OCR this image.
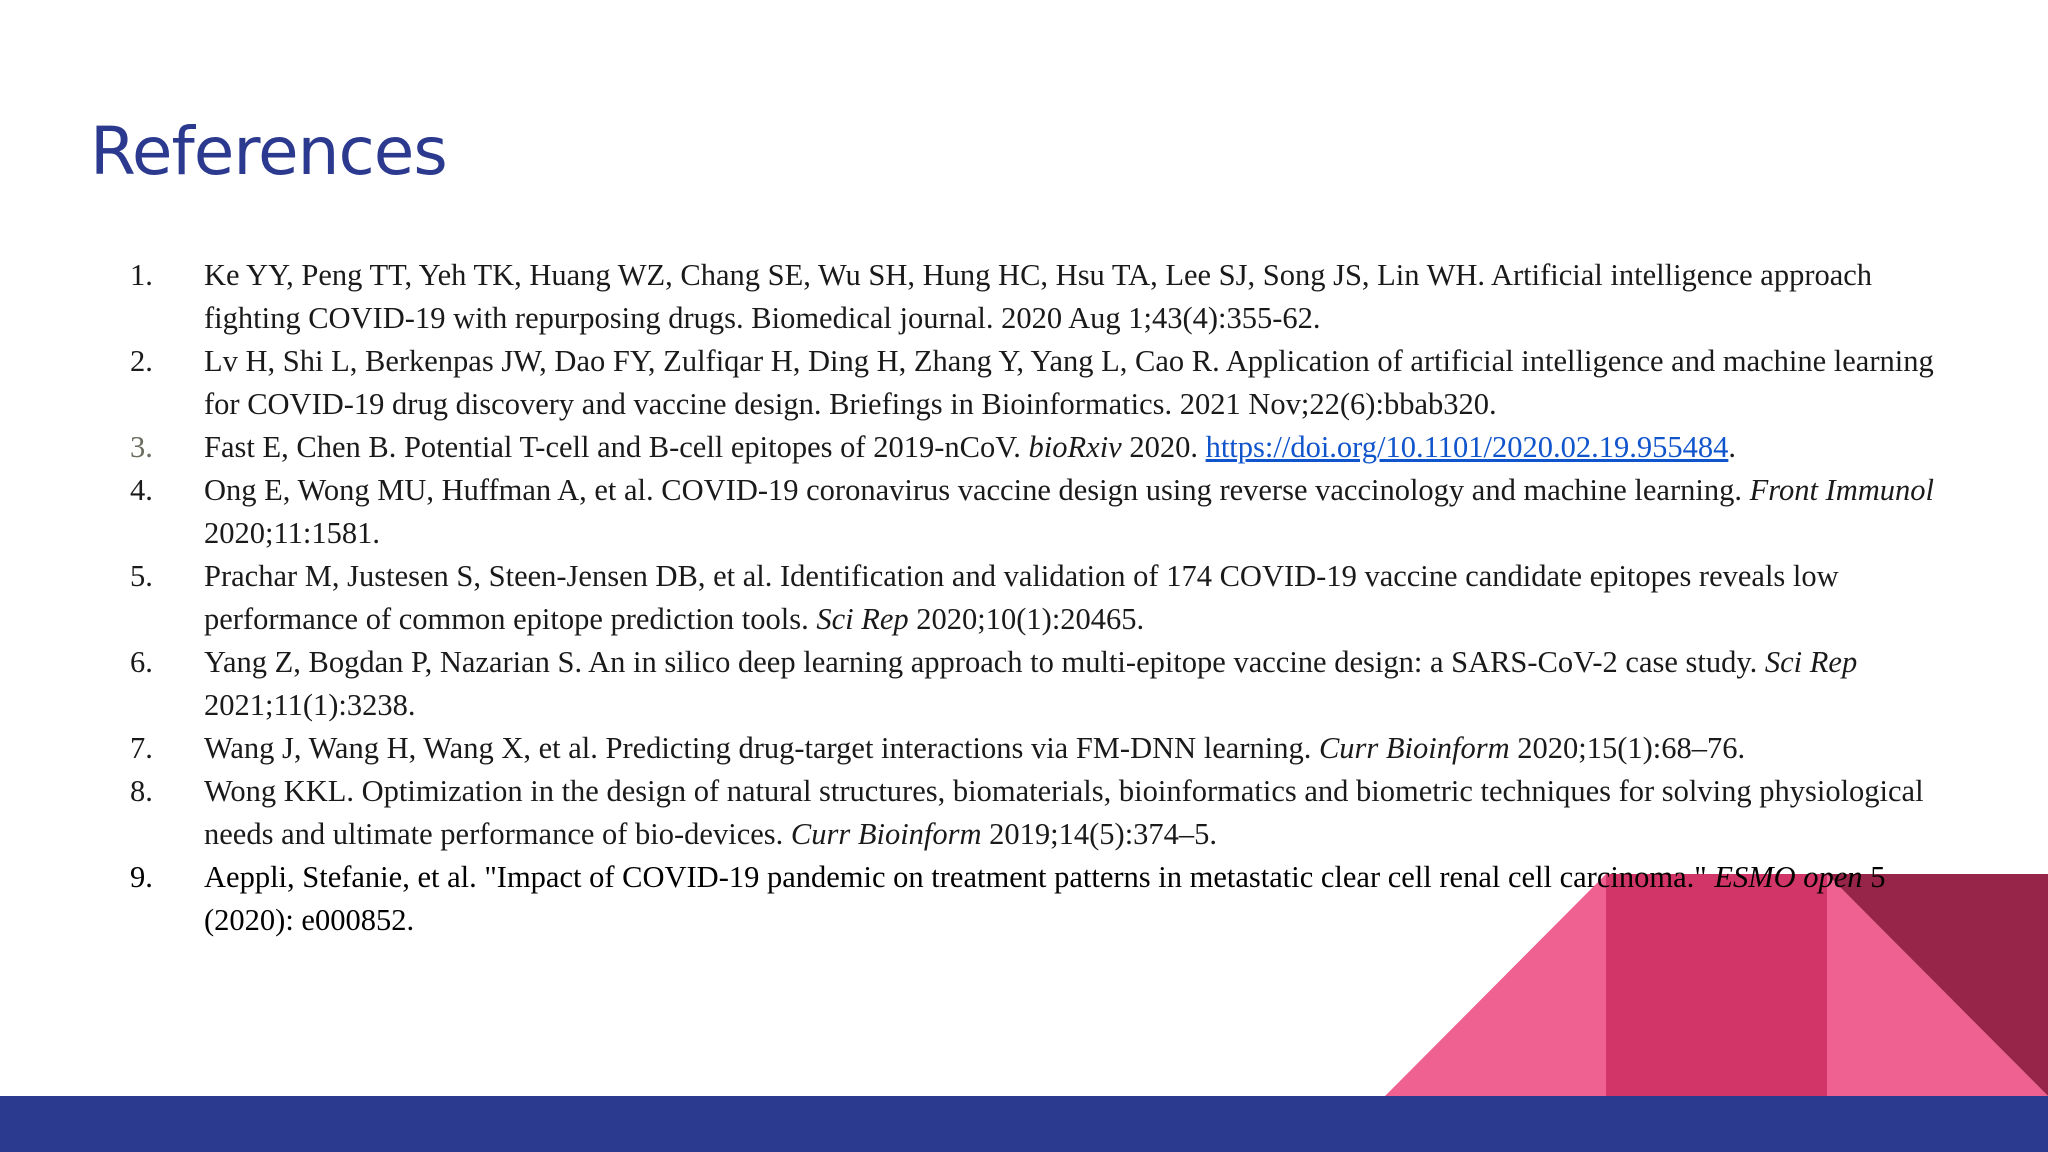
References
1.	Ke YY, Peng TT, Yeh TK, Huang WZ, Chang SE, Wu SH, Hung HC, Hsu TA, Lee SJ, Song JS, Lin WH. Artificial intelligence approach fighting COVID-19 with repurposing drugs. Biomedical journal. 2020 Aug 1;43(4):355-62.
2.	Lv H, Shi L, Berkenpas JW, Dao FY, Zulfiqar H, Ding H, Zhang Y, Yang L, Cao R. Application of artificial intelligence and machine learning for COVID-19 drug discovery and vaccine design. Briefings in Bioinformatics. 2021 Nov;22(6):bbab320.
3.	Fast E, Chen B. Potential T-cell and B-cell epitopes of 2019-nCoV. bioRxiv 2020. https://doi.org/10.1101/2020.02.19.955484.
4.	Ong E, Wong MU, Huffman A, et al. COVID-19 coronavirus vaccine design using reverse vaccinology and machine learning. Front Immunol 2020;11:1581.
5.	Prachar M, Justesen S, Steen-Jensen DB, et al. Identification and validation of 174 COVID-19 vaccine candidate epitopes reveals low performance of common epitope prediction tools. Sci Rep 2020;10(1):20465.
6.	Yang Z, Bogdan P, Nazarian S. An in silico deep learning approach to multi-epitope vaccine design: a SARS-CoV-2 case study. Sci Rep 2021;11(1):3238.
7.	Wang J, Wang H, Wang X, et al. Predicting drug-target interactions via FM-DNN learning. Curr Bioinform 2020;15(1):68–76.
8.	Wong KKL. Optimization in the design of natural structures, biomaterials, bioinformatics and biometric techniques for solving physiological needs and ultimate performance of bio-devices. Curr Bioinform 2019;14(5):374–5.
9.	Aeppli, Stefanie, et al. "Impact of COVID-19 pandemic on treatment patterns in metastatic clear cell renal cell carcinoma." ESMO open 5 (2020): e000852.
